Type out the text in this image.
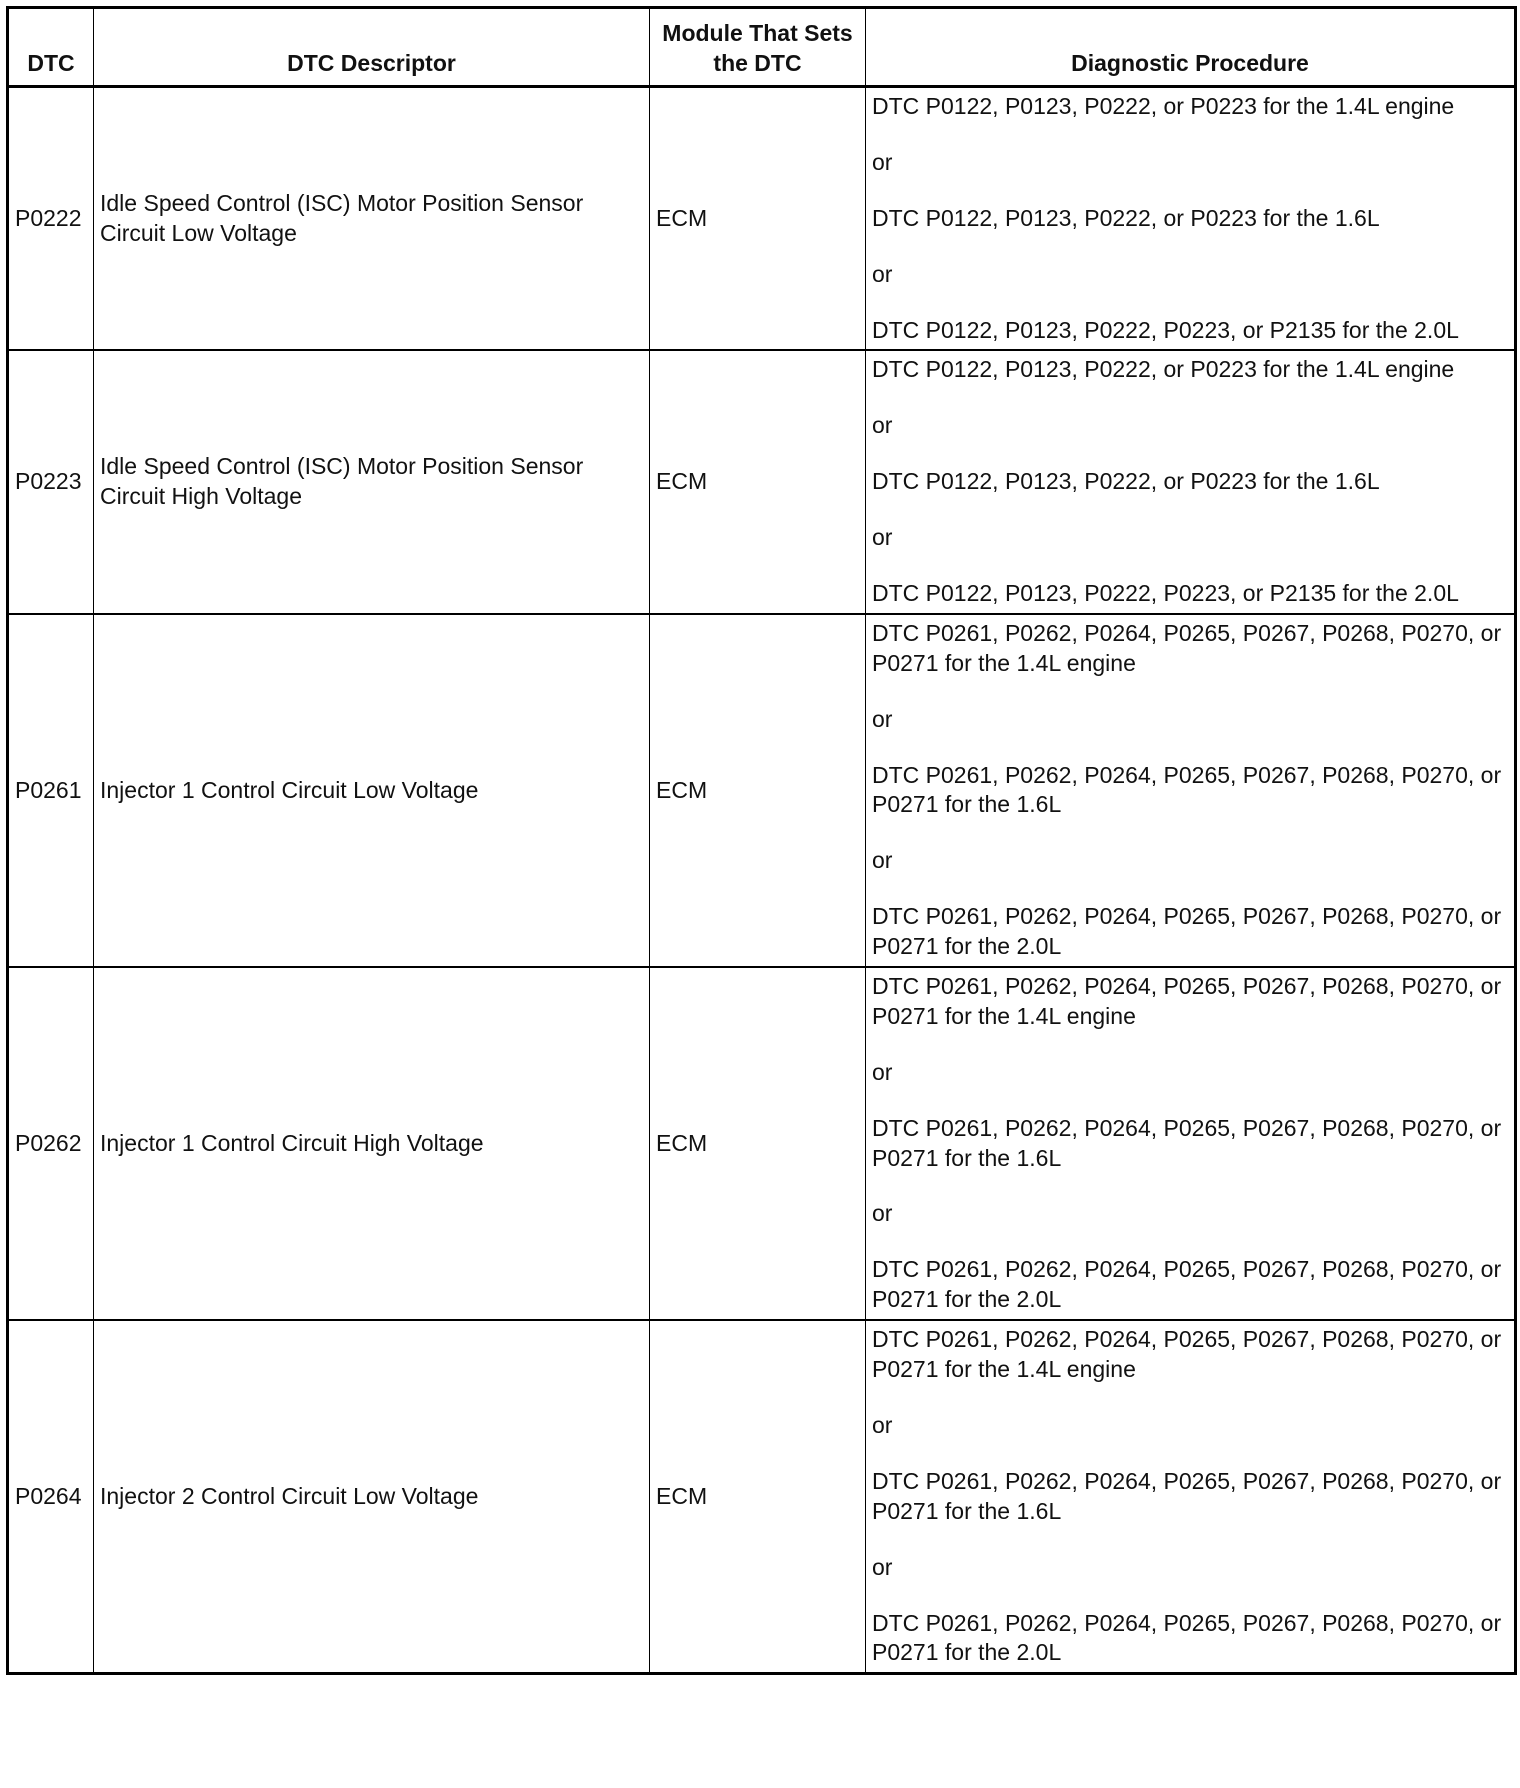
DTC	DTC Descriptor	Module That Sets the DTC	Diagnostic Procedure
P0222	Idle Speed Control (ISC) Motor Position Sensor Circuit Low Voltage	ECM	DTC P0122, P0123, P0222, or P0223 for the 1.4L engine

or

DTC P0122, P0123, P0222, or P0223 for the 1.6L

or

DTC P0122, P0123, P0222, P0223, or P2135 for the 2.0L

P0223	Idle Speed Control (ISC) Motor Position Sensor Circuit High Voltage	ECM	DTC P0122, P0123, P0222, or P0223 for the 1.4L engine

or

DTC P0122, P0123, P0222, or P0223 for the 1.6L

or

DTC P0122, P0123, P0222, P0223, or P2135 for the 2.0L

P0261	Injector 1 Control Circuit Low Voltage	ECM	DTC P0261, P0262, P0264, P0265, P0267, P0268, P0270, or P0271 for the 1.4L engine

or

DTC P0261, P0262, P0264, P0265, P0267, P0268, P0270, or P0271 for the 1.6L

or

DTC P0261, P0262, P0264, P0265, P0267, P0268, P0270, or P0271 for the 2.0L

P0262	Injector 1 Control Circuit High Voltage	ECM	DTC P0261, P0262, P0264, P0265, P0267, P0268, P0270, or P0271 for the 1.4L engine

or

DTC P0261, P0262, P0264, P0265, P0267, P0268, P0270, or P0271 for the 1.6L

or

DTC P0261, P0262, P0264, P0265, P0267, P0268, P0270, or P0271 for the 2.0L

P0264	Injector 2 Control Circuit Low Voltage	ECM	DTC P0261, P0262, P0264, P0265, P0267, P0268, P0270, or P0271 for the 1.4L engine

or

DTC P0261, P0262, P0264, P0265, P0267, P0268, P0270, or P0271 for the 1.6L

or

DTC P0261, P0262, P0264, P0265, P0267, P0268, P0270, or P0271 for the 2.0L
